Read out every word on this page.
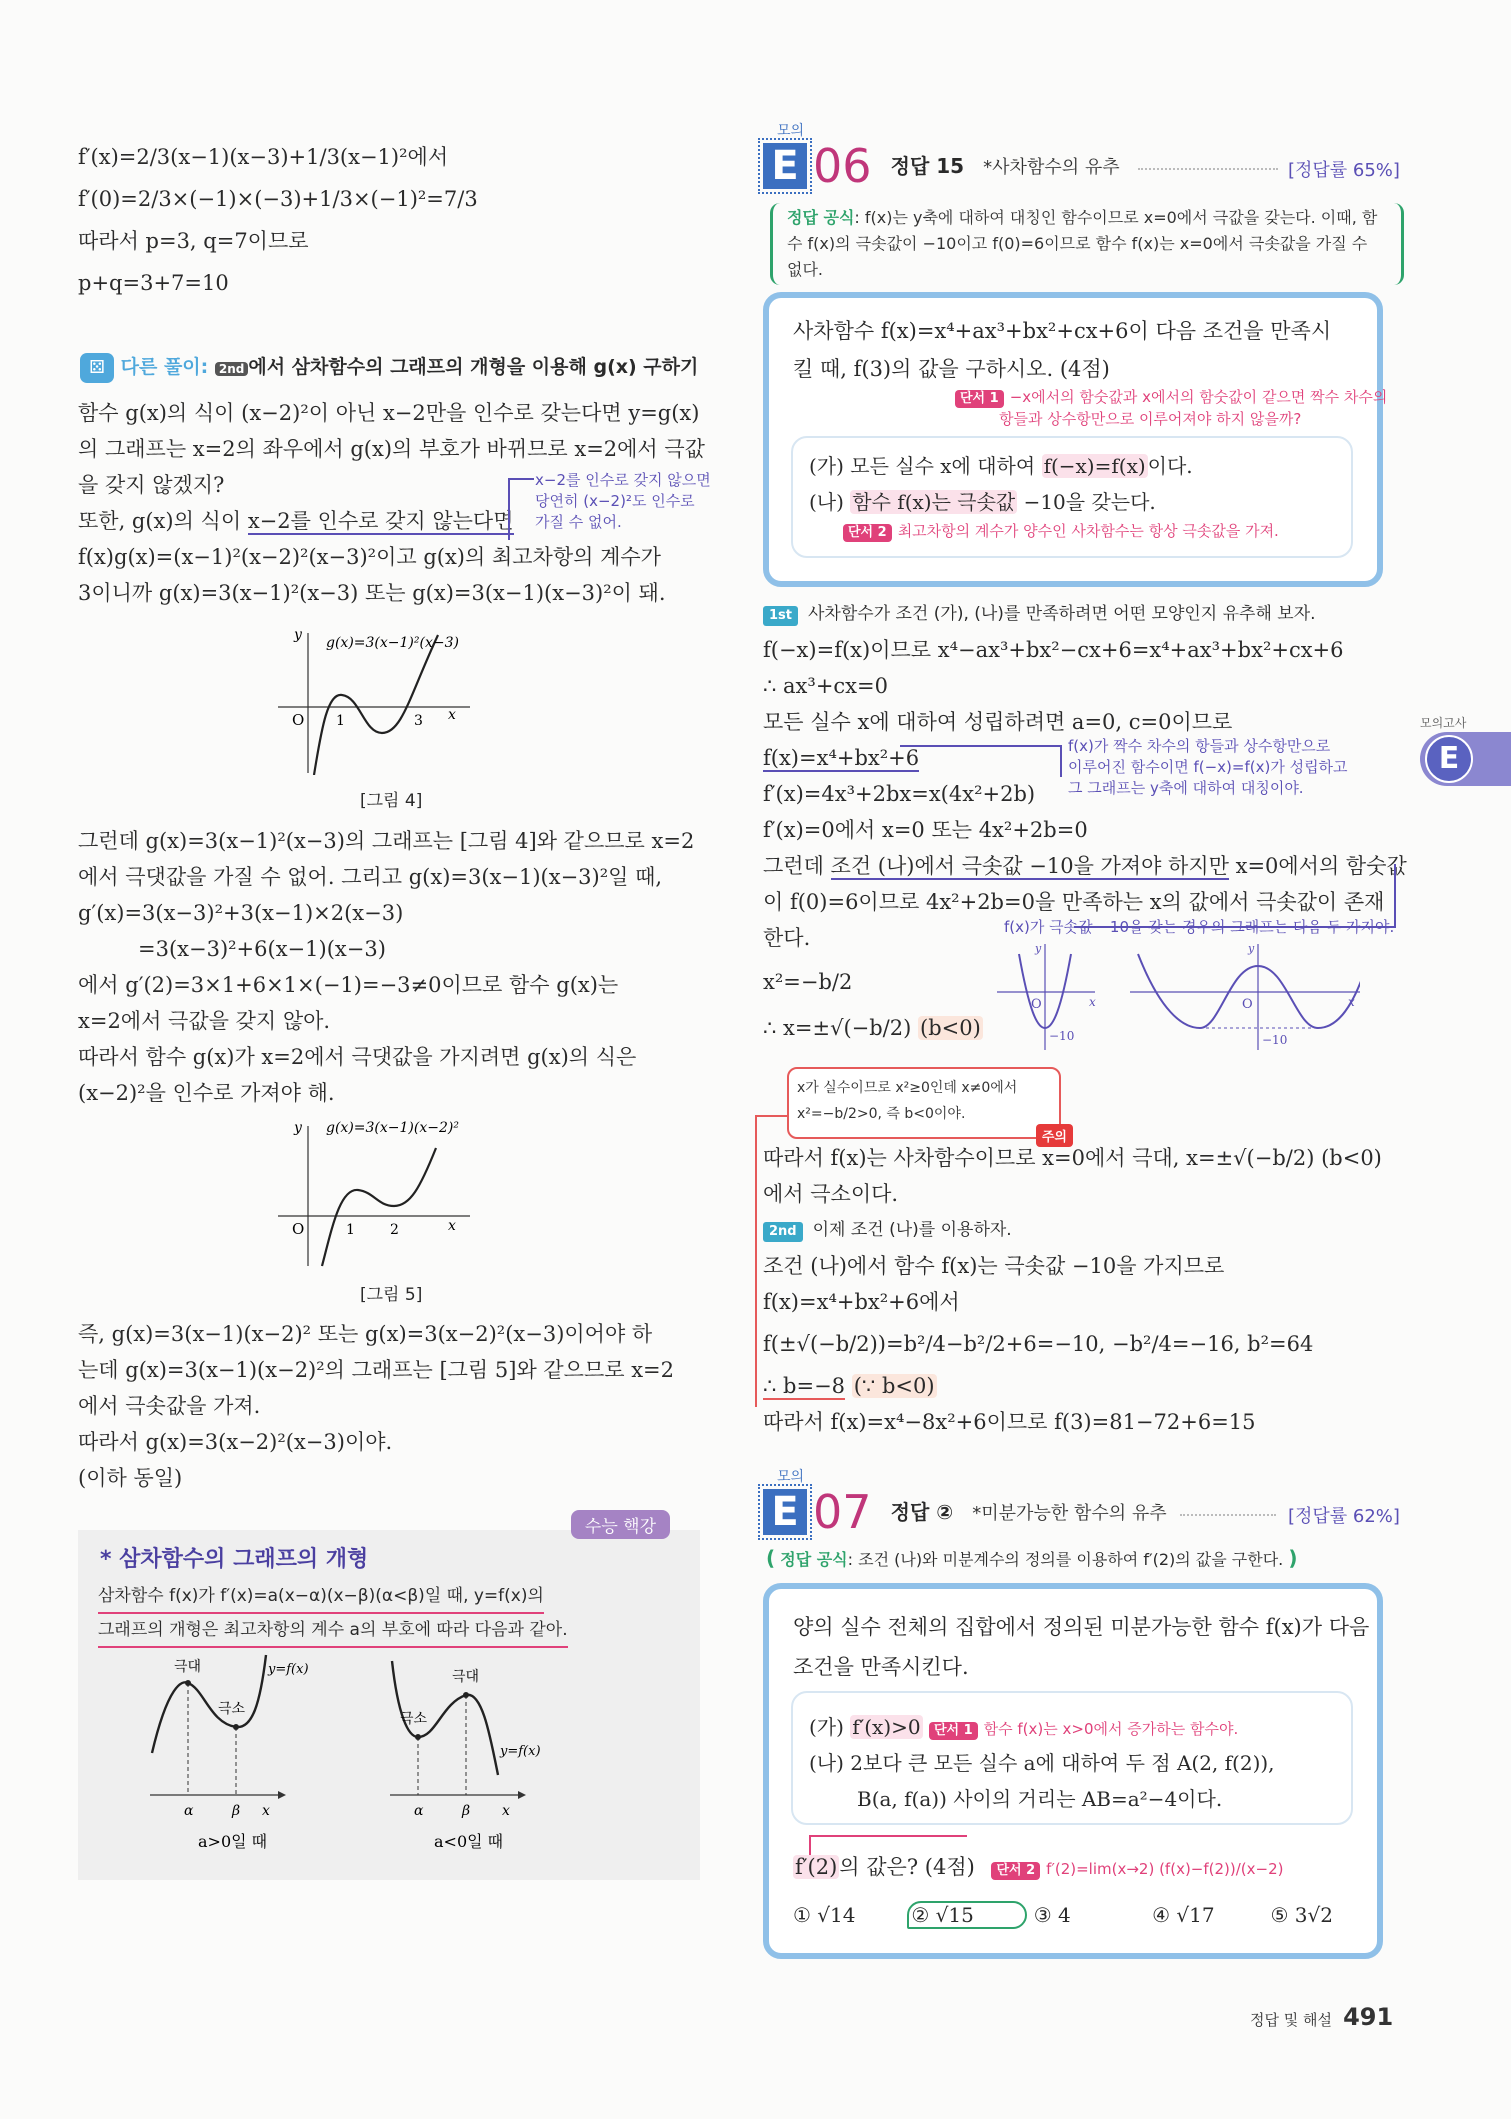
f′(x)=2/3(x−1)(x−3)+1/3(x−1)²에서
f′(0)=2/3×(−1)×(−3)+1/3×(−1)²=7/3
따라서 p=3, q=7이므로
p+q=3+7=10
⚄ 다른 풀이: 2nd 에서 삼차함수의 그래프의 개형을 이용해 g(x) 구하기
함수 g(x)의 식이 (x−2)²이 아닌 x−2만을 인수로 갖는다면 y=g(x)
의 그래프는 x=2의 좌우에서 g(x)의 부호가 바뀌므로 x=2에서 극값
을 갖지 않겠지?
또한, g(x)의 식이 x−2를 인수로 갖지 않는다면
f(x)g(x)=(x−1)²(x−2)²(x−3)²이고 g(x)의 최고차항의 계수가
3이니까 g(x)=3(x−1)²(x−3) 또는 g(x)=3(x−1)(x−3)²이 돼.
x−2를 인수로 갖지 않으면
당연히 (x−2)²도 인수로
가질 수 없어.
y
O 1	3 x
g(x)=3(x−1)²(x−3)
[그림 4]
그런데 g(x)=3(x−1)²(x−3)의 그래프는 [그림 4]와 같으므로 x=2
에서 극댓값을 가질 수 없어. 그리고 g(x)=3(x−1)(x−3)²일 때,
g′(x)=3(x−3)²+3(x−1)×2(x−3)
=3(x−3)²+6(x−1)(x−3)
에서 g′(2)=3×1+6×1×(−1)=−3≠0이므로 함수 g(x)는
x=2에서 극값을 갖지 않아.
따라서 함수 g(x)가 x=2에서 극댓값을 가지려면 g(x)의 식은
(x−2)²을 인수로 가져야 해.
y
O	1	2	x
g(x)=3(x−1)(x−2)²
[그림 5]
즉, g(x)=3(x−1)(x−2)² 또는 g(x)=3(x−2)²(x−3)이어야 하
는데 g(x)=3(x−1)(x−2)²의 그래프는 [그림 5]와 같으므로 x=2
에서 극솟값을 가져.
따라서 g(x)=3(x−2)²(x−3)이야.
(이하 동일)
수능 핵강
* 삼차함수의 그래프의 개형
삼차함수 f(x)가 f′(x)=a(x−α)(x−β)(α<β)일 때, y=f(x)의
그래프의 개형은 최고차항의 계수 a의 부호에 따라 다음과 같아.
극대
극소
y=f(x)
α	β x
a>0일 때
극대
극소
y=f(x)
α	β x
a<0일 때
모의
E 06 정답 15 *사차함수의 유추	[정답률 65%]
정답 공식: f(x)는 y축에 대하여 대칭인 함수이므로 x=0에서 극값을 갖는다. 이때, 함수 f(x)의 극솟값이 −10이고 f(0)=6이므로 함수 f(x)는 x=0에서 극솟값을 가질 수 없다.
사차함수 f(x)=x⁴+ax³+bx²+cx+6이 다음 조건을 만족시
킬 때, f(3)의 값을 구하시오. (4점)
단서 1 −x에서의 함숫값과 x에서의 함숫값이 같으면 짝수 차수의
항들과 상수항만으로 이루어져야 하지 않을까?
(가) 모든 실수 x에 대하여 f(−x)=f(x) 이다.
(나) 함수 f(x)는 극솟값 −10을 갖는다.
단서 2 최고차항의 계수가 양수인 사차함수는 항상 극솟값을 가져.
1st 사차함수가 조건 (가), (나)를 만족하려면 어떤 모양인지 유추해 보자.
f(−x)=f(x)이므로 x⁴−ax³+bx²−cx+6=x⁴+ax³+bx²+cx+6
∴ ax³+cx=0
모든 실수 x에 대하여 성립하려면 a=0, c=0이므로
f(x)=x⁴+bx²+6
f′(x)=4x³+2bx=x(4x²+2b)
f′(x)=0에서 x=0 또는 4x²+2b=0
그런데 조건 (나)에서 극솟값 −10을 가져야 하지만 x=0에서의 함숫값
이 f(0)=6이므로 4x²+2b=0을 만족하는 x의 값에서 극솟값이 존재
한다.
x²=−b/2
∴ x=±√(−b/2) (b<0)
f(x)가 짝수 차수의 항들과 상수항만으로
이루어진 함수이면 f(−x)=f(x)가 성립하고
그 그래프는 y축에 대하여 대칭이야.
f(x)가 극솟값 −10을 갖는 경우의 그래프는 다음 두 가지야.
y
O	x
−10
y
O	x
−10
x가 실수이므로 x²≥0인데 x≠0에서
x²=−b/2>0, 즉 b<0이야.
주의
따라서 f(x)는 사차함수이므로 x=0에서 극대, x=±√(−b/2) (b<0)
에서 극소이다.
2nd 이제 조건 (나)를 이용하자.
조건 (나)에서 함수 f(x)는 극솟값 −10을 가지므로
f(x)=x⁴+bx²+6에서
f(±√(−b/2))=b²/4−b²/2+6=−10, −b²/4=−16, b²=64
∴ b=−8 (∵ b<0)
따라서 f(x)=x⁴−8x²+6이므로 f(3)=81−72+6=15
모의
E 07 정답 ② *미분가능한 함수의 유추	[정답률 62%]
( 정답 공식: 조건 (나)와 미분계수의 정의를 이용하여 f′(2)의 값을 구한다. )
양의 실수 전체의 집합에서 정의된 미분가능한 함수 f(x)가 다음
조건을 만족시킨다.
(가) f′(x)>0 단서 1 함수 f(x)는 x>0에서 증가하는 함수야.
(나) 2보다 큰 모든 실수 a에 대하여 두 점 A(2, f(2)),
B(a, f(a)) 사이의 거리는 AB=a²−4이다.
f′(2)의 값은? (4점) 단서 2 f′(2)=lim(x→2) (f(x)−f(2))/(x−2)
① √14	② √15	③ 4	④ √17	⑤ 3√2
모의고사
E
정답 및 해설 491
